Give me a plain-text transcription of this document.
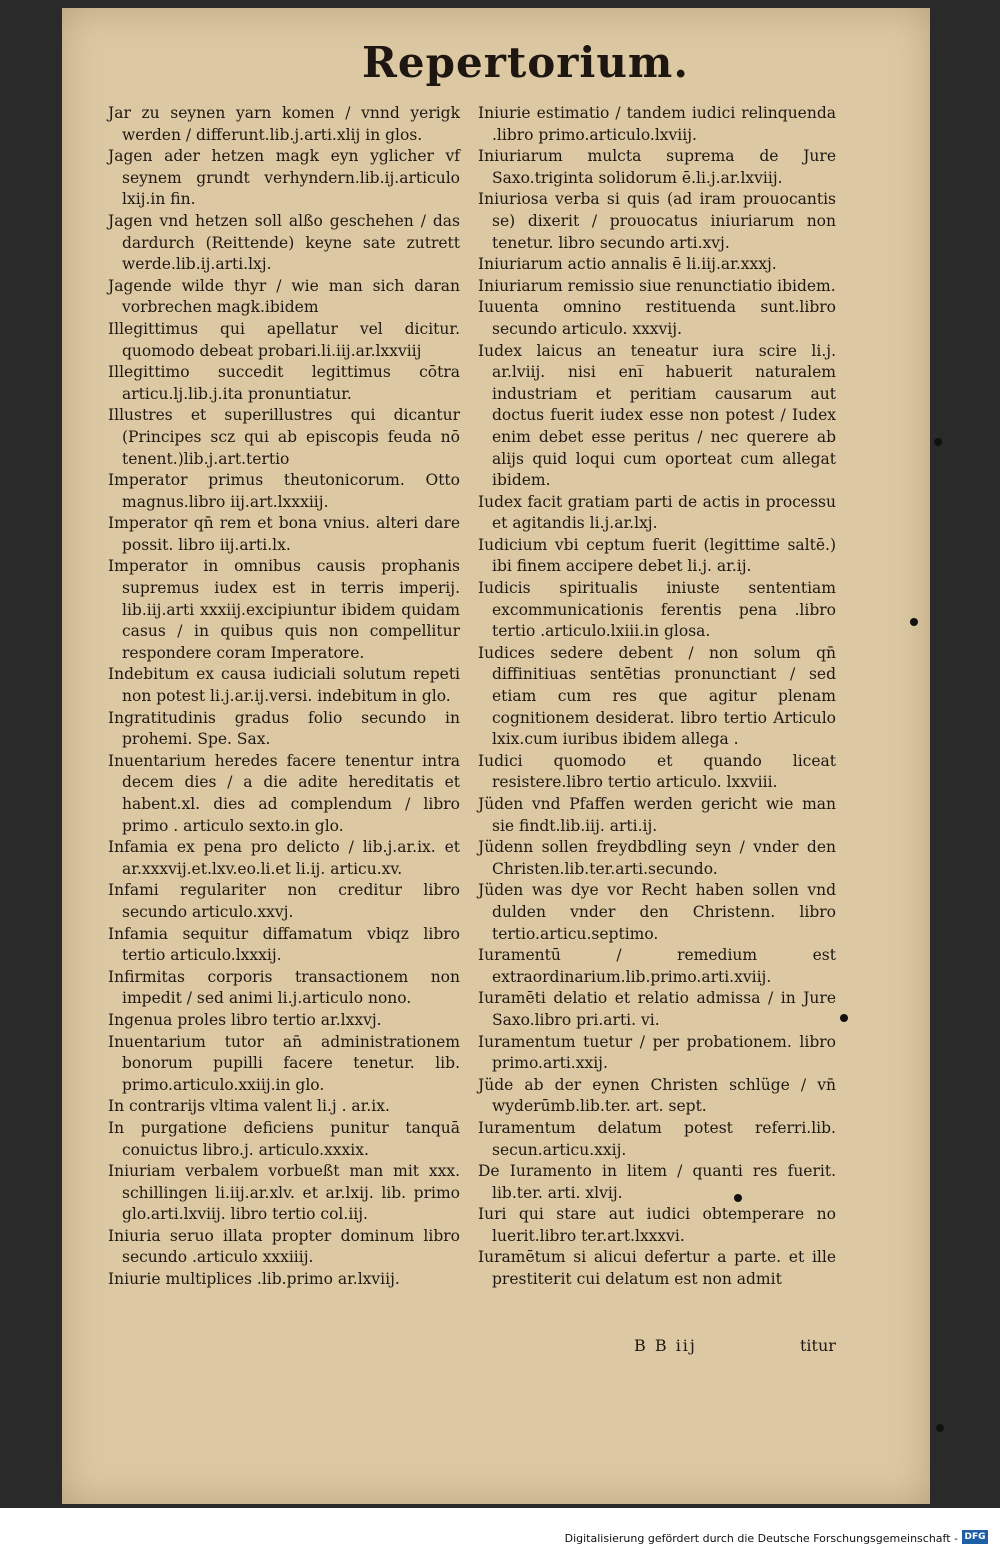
Repertorium.

Jar zu seynen yarn komen / vnnd yerigk werden / differunt.lib.j.arti.xlij in glos.

Jagen ader hetzen magk eyn yglicher vf seynem grundt verhyndern.lib.ij.articulo lxij.in fin.

Jagen vnd hetzen soll alßo geschehen / das dardurch (Reittende) keyne sate zutrett werde.lib.ij.arti.lxj.

Jagende wilde thyr / wie man sich daran vorbrechen magk.ibidem

Illegittimus qui apellatur vel dicitur. quomodo debeat probari.li.iij.ar.lxxviij

Illegittimo succedit legittimus cōtra articu.lj.lib.j.ita pronuntiatur.

Illustres et superillustres qui dicantur (Principes scz qui ab episcopis feuda nō tenent.)lib.j.art.tertio

Imperator primus theutonicorum. Otto magnus.libro iij.art.lxxxiij.

Imperator qn̄ rem et bona vnius. alteri dare possit. libro iij.arti.lx.

Imperator in omnibus causis prophanis supremus iudex est in terris imperij. lib.iij.arti xxxiij.excipiuntur ibidem quidam casus / in quibus quis non compellitur respondere coram Imperatore.

Indebitum ex causa iudiciali solutum repeti non potest li.j.ar.ij.versi. indebitum in glo.

Ingratitudinis gradus folio secundo in prohemi. Spe. Sax.

Inuentarium heredes facere tenentur intra decem dies / a die adite hereditatis et habent.xl. dies ad complendum / libro primo . articulo sexto.in glo.

Infamia ex pena pro delicto / lib.j.ar.ix. et ar.xxxvij.et.lxv.eo.li.et li.ij. articu.xv.

Infami regulariter non creditur libro secundo articulo.xxvj.

Infamia sequitur diffamatum vbiqz libro tertio articulo.lxxxij.

Infirmitas corporis transactionem non impedit / sed animi li.j.articulo nono.

Ingenua proles libro tertio ar.lxxvj.

Inuentarium tutor an̄ administrationem bonorum pupilli facere tenetur. lib. primo.articulo.xxiij.in glo.

In contrarijs vltima valent li.j . ar.ix.

In purgatione deficiens punitur tanquā conuictus libro.j. articulo.xxxix.

Iniuriam verbalem vorbueßt man mit xxx. schillingen li.iij.ar.xlv. et ar.lxij. lib. primo glo.arti.lxviij. libro tertio col.iij.

Iniuria seruo illata propter dominum libro secundo .articulo xxxiiij.

Iniurie multiplices .lib.primo ar.lxviij.

Iniurie estimatio / tandem iudici relinquenda .libro primo.articulo.lxviij.

Iniuriarum mulcta suprema de Jure Saxo.triginta solidorum ē.li.j.ar.lxviij.

Iniuriosa verba si quis (ad iram prouocantis se) dixerit / prouocatus iniuriarum non tenetur. libro secundo arti.xvj.

Iniuriarum actio annalis ē li.iij.ar.xxxj.

Iniuriarum remissio siue renunctiatio ibidem.

Iuuenta omnino restituenda sunt.libro secundo articulo. xxxvij.

Iudex laicus an teneatur iura scire li.j. ar.lviij. nisi eni̅ habuerit naturalem industriam et peritiam causarum aut doctus fuerit iudex esse non potest / Iudex enim debet esse peritus / nec querere ab alijs quid loqui cum oporteat cum allegat ibidem.

Iudex facit gratiam parti de actis in processu et agitandis li.j.ar.lxj.

Iudicium vbi ceptum fuerit (legittime saltē.) ibi finem accipere debet li.j. ar.ij.

Iudicis spiritualis iniuste sententiam excommunicationis ferentis pena .libro tertio .articulo.lxiii.in glosa.

Iudices sedere debent / non solum qn̄ diffinitiuas sentētias pronunctiant / sed etiam cum res que agitur plenam cognitionem desiderat. libro tertio Articulo lxix.cum iuribus ibidem allega .

Iudici quomodo et quando liceat resistere.libro tertio articulo. lxxviii.

Jüden vnd Pfaffen werden gericht wie man sie findt.lib.iij. arti.ij.

Jüdenn sollen freydbdling seyn / vnder den Christen.lib.ter.arti.secundo.

Jüden was dye vor Recht haben sollen vnd dulden vnder den Christenn. libro tertio.articu.septimo.

Iuramentū / remedium est extraordinarium.lib.primo.arti.xviij.

Iuramēti delatio et relatio admissa / in Jure Saxo.libro pri.arti. vi.

Iuramentum tuetur / per probationem. libro primo.arti.xxij.

Jüde ab der eynen Christen schlüge / vn̄ wyderūmb.lib.ter. art. sept.

Iuramentum delatum potest referri.lib. secun.articu.xxij.

De Iuramento in litem / quanti res fuerit. lib.ter. arti. xlvij.

Iuri qui stare aut iudici obtemperare no luerit.libro ter.art.lxxxvi.

Iuramētum si alicui defertur a parte. et ille prestiterit cui delatum est non admit

B B iij	titur
Digitalisierung gefördert durch die Deutsche Forschungsgemeinschaft - DFG
